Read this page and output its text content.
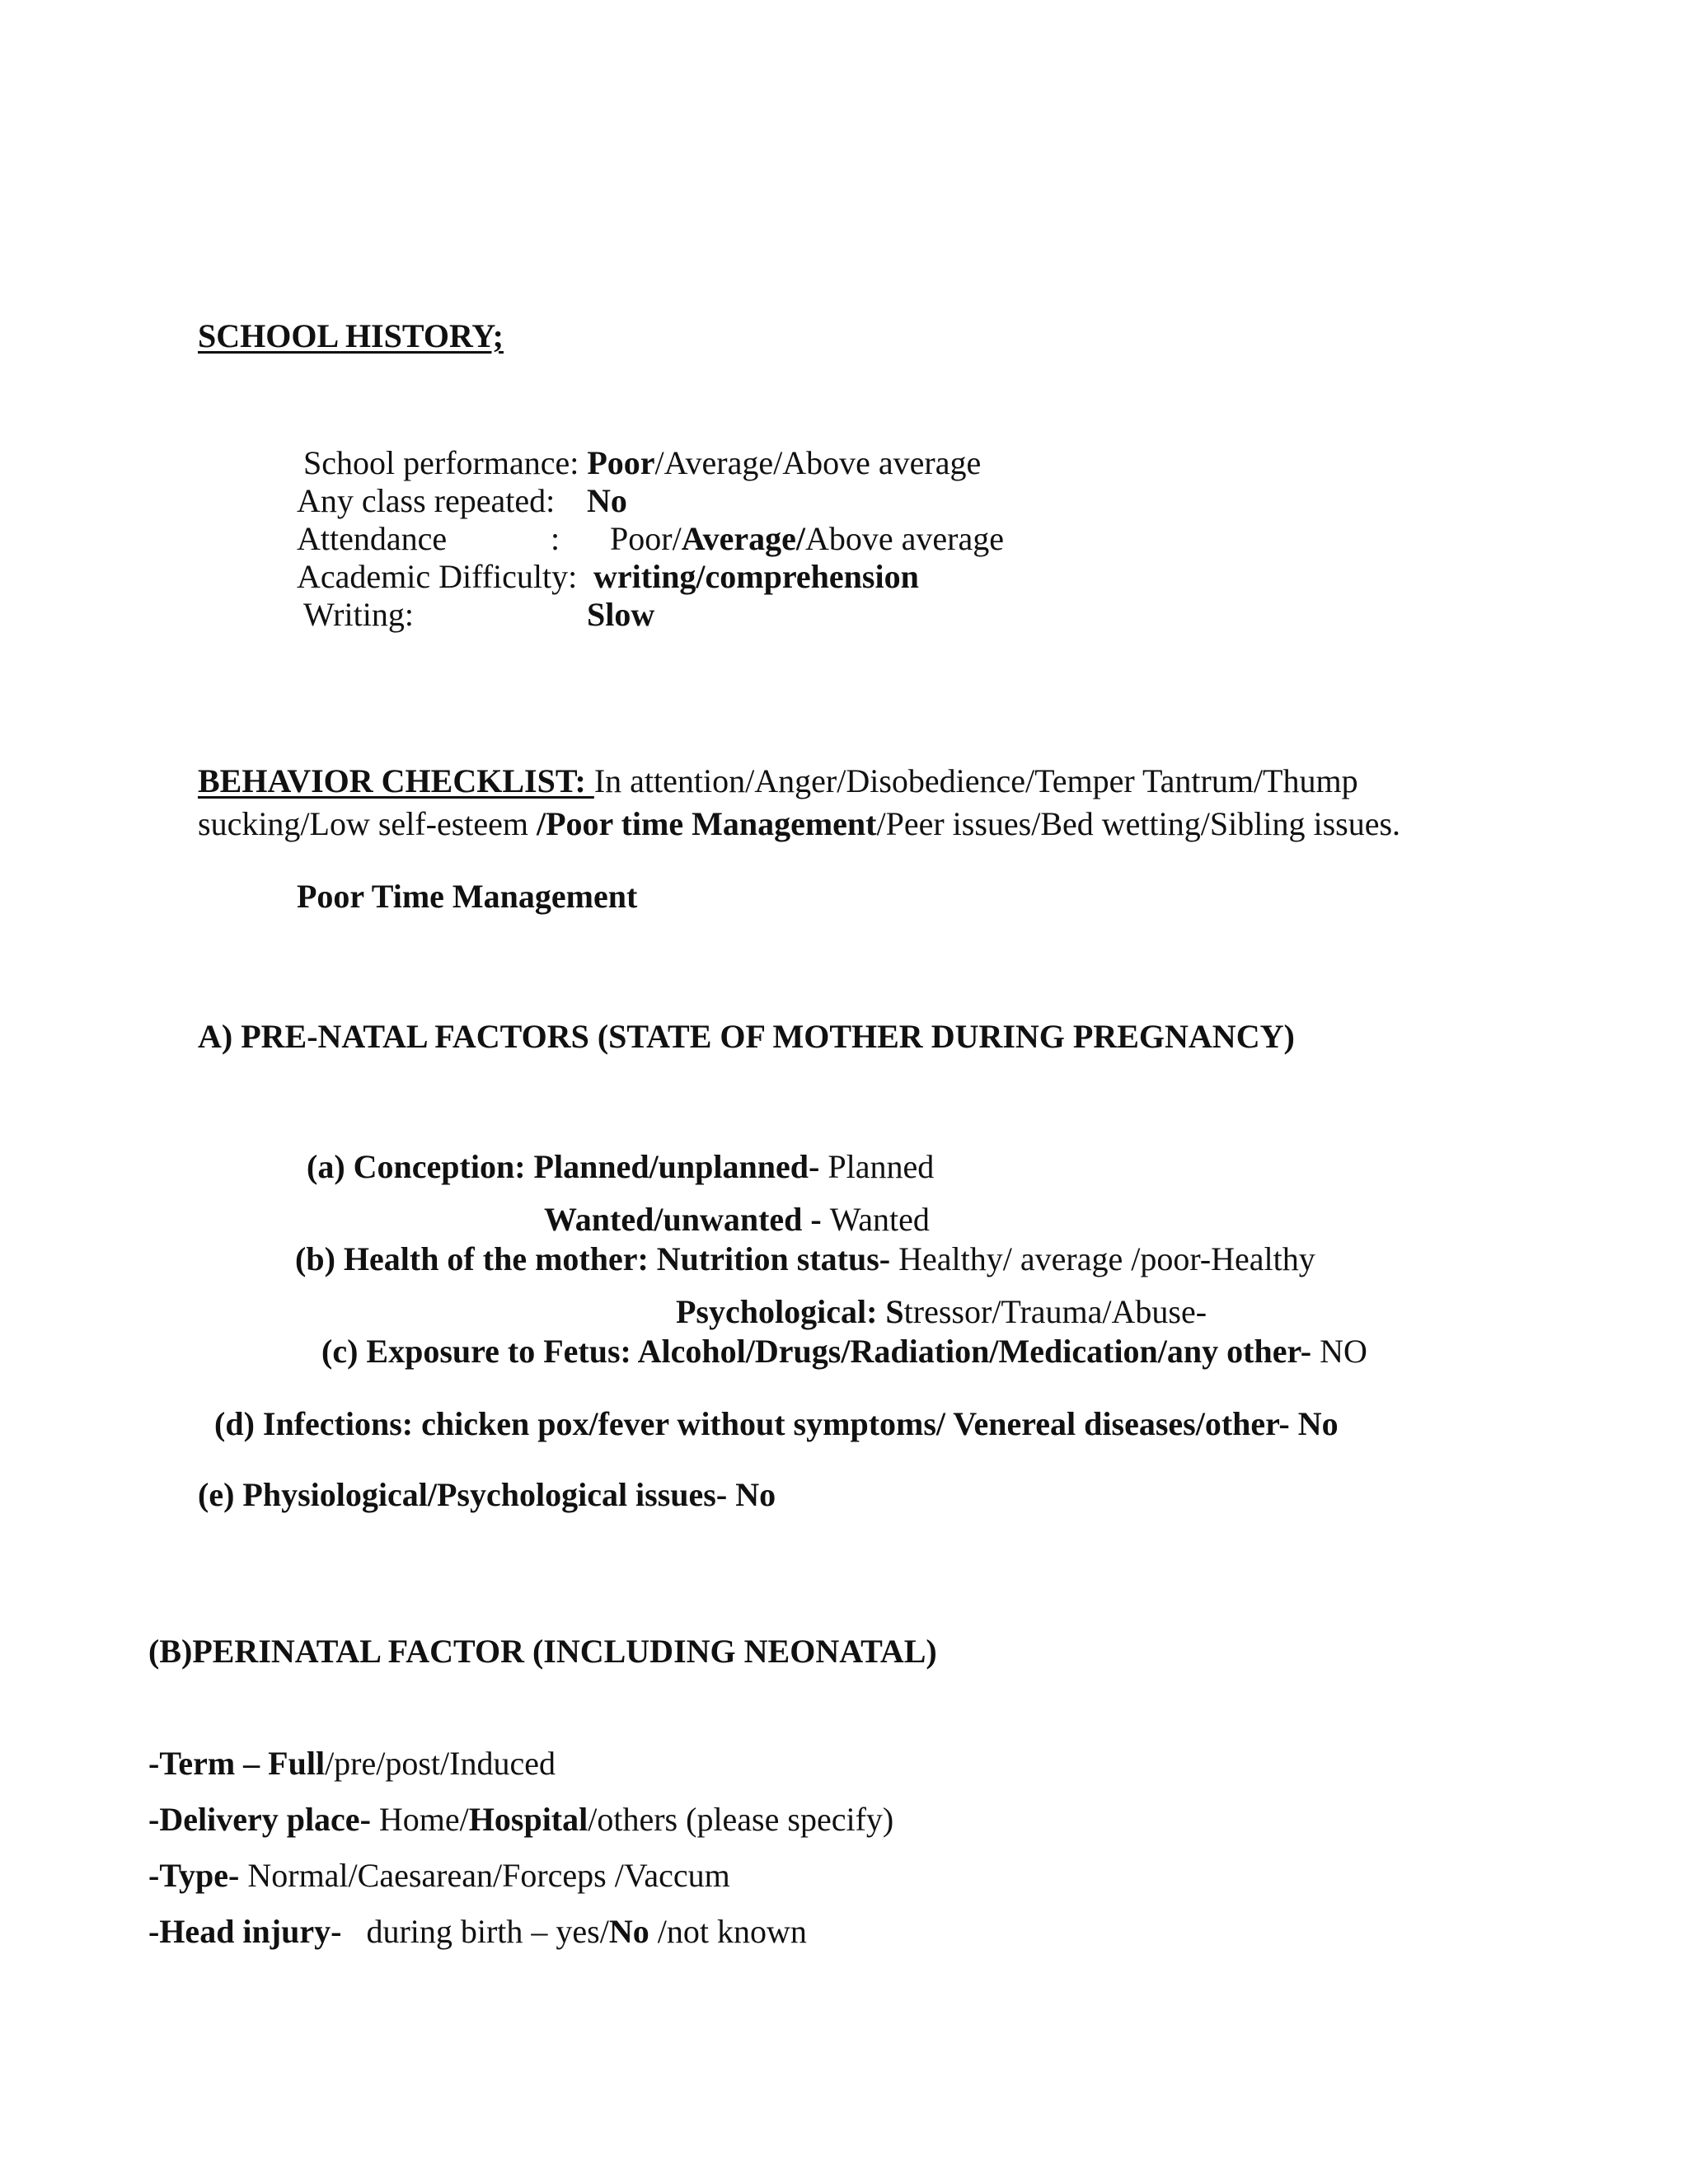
SCHOOL HISTORY;
School performance: Poor/Average/Above average
Any class repeated: No
Attendance	: Poor/Average/Above average
Academic Difficulty: writing/comprehension
Writing:	Slow
BEHAVIOR CHECKLIST: In attention/Anger/Disobedience/Temper Tantrum/Thump
sucking/Low self-esteem /Poor time Management/Peer issues/Bed wetting/Sibling issues.
Poor Time Management
A) PRE-NATAL FACTORS (STATE OF MOTHER DURING PREGNANCY)
(a) Conception: Planned/unplanned- Planned
Wanted/unwanted - Wanted
(b) Health of the mother: Nutrition status- Healthy/ average /poor-Healthy
Psychological: Stressor/Trauma/Abuse-
(c) Exposure to Fetus: Alcohol/Drugs/Radiation/Medication/any other- NO
(d) Infections: chicken pox/fever without symptoms/ Venereal diseases/other- No
(e) Physiological/Psychological issues- No
(B)PERINATAL FACTOR (INCLUDING NEONATAL)
-Term – Full/pre/post/Induced
-Delivery place- Home/Hospital/others (please specify)
-Type- Normal/Caesarean/Forceps /Vaccum
-Head injury-   during birth – yes/No /not known
